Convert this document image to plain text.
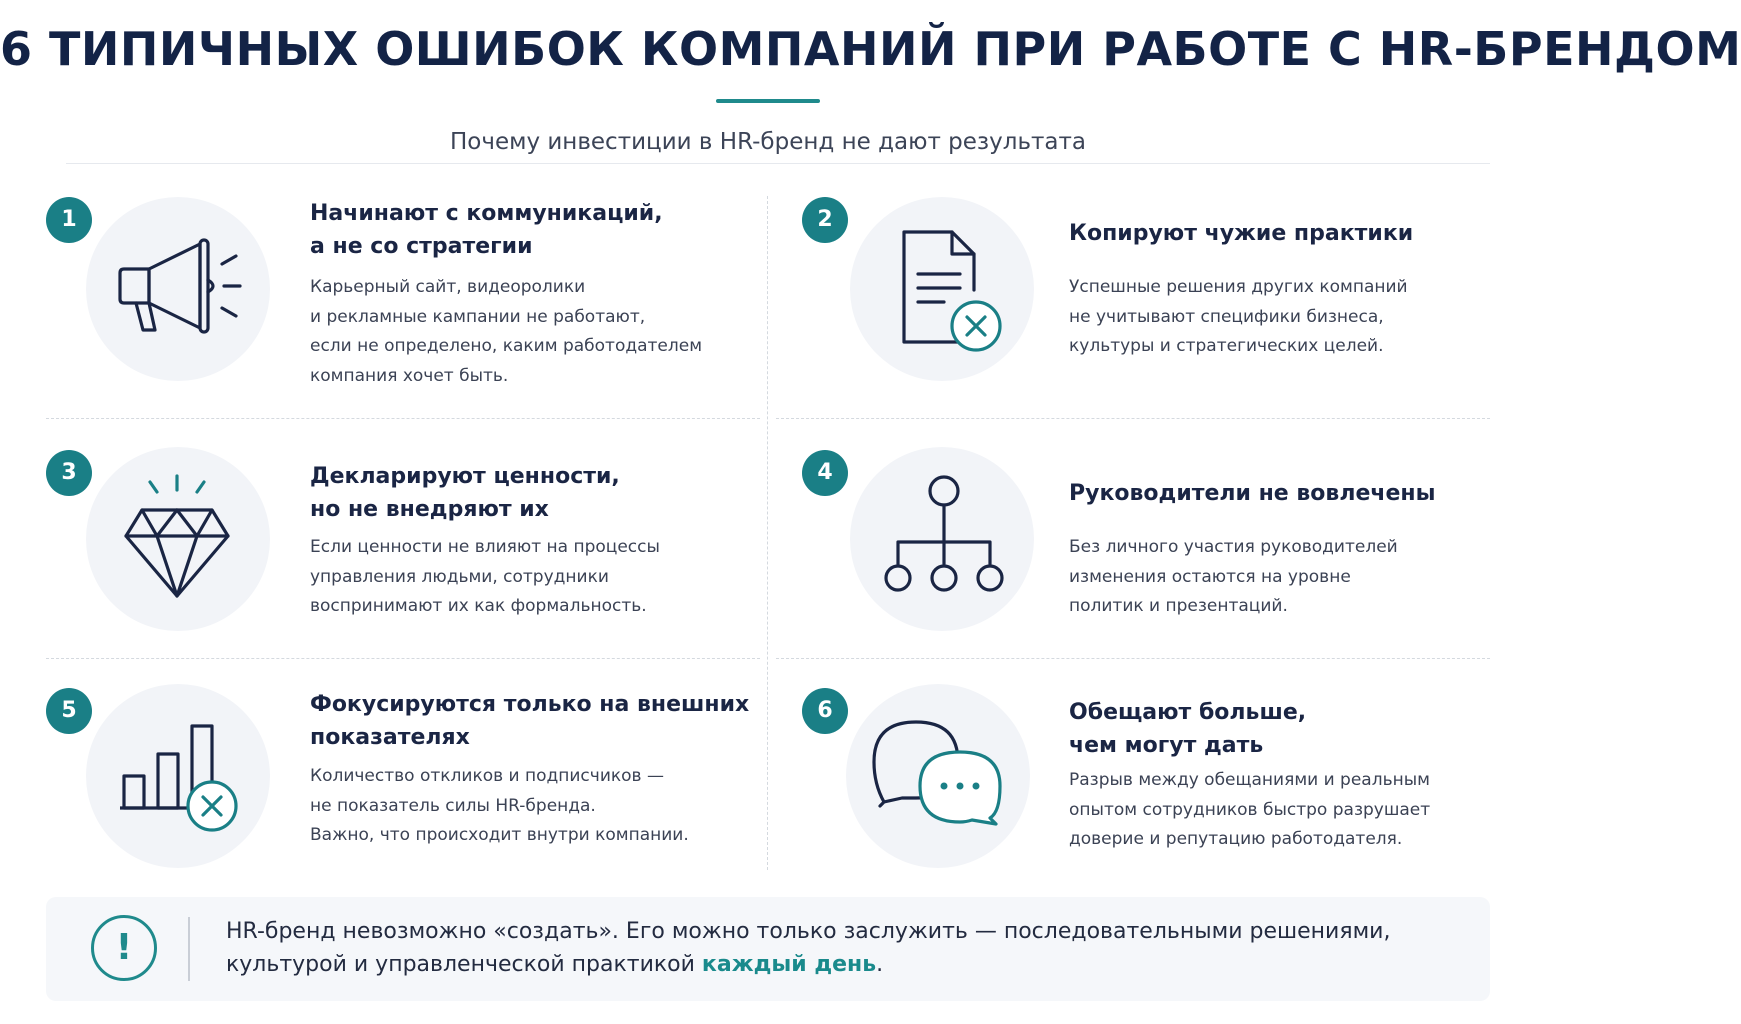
6 ТИПИЧНЫХ ОШИБОК КОМПАНИЙ ПРИ РАБОТЕ С HR-БРЕНДОМ
Почему инвестиции в HR-бренд не дают результата
1	Начинают с коммуникаций,
а не со стратегии
Карьерный сайт, видеоролики
и рекламные кампании не работают,
если не определено, каким работодателем
компания хочет быть.
2
Копируют чужие практики
Успешные решения других компаний
не учитывают специфики бизнеса,
культуры и стратегических целей.
3	Декларируют ценности,
но не внедряют их
Если ценности не влияют на процессы
управления людьми, сотрудники
воспринимают их как формальность.
4
Руководители не вовлечены
Без личного участия руководителей
изменения остаются на уровне
политик и презентаций.
5	Фокусируются только на внешних
показателях
Количество откликов и подписчиков —
не показатель силы HR-бренда.
Важно, что происходит внутри компании.
6	Обещают больше,
чем могут дать
Разрыв между обещаниями и реальным
опытом сотрудников быстро разрушает
доверие и репутацию работодателя.
!	HR-бренд невозможно «создать». Его можно только заслужить — последовательными решениями, культурой и управленческой практикой каждый день.
